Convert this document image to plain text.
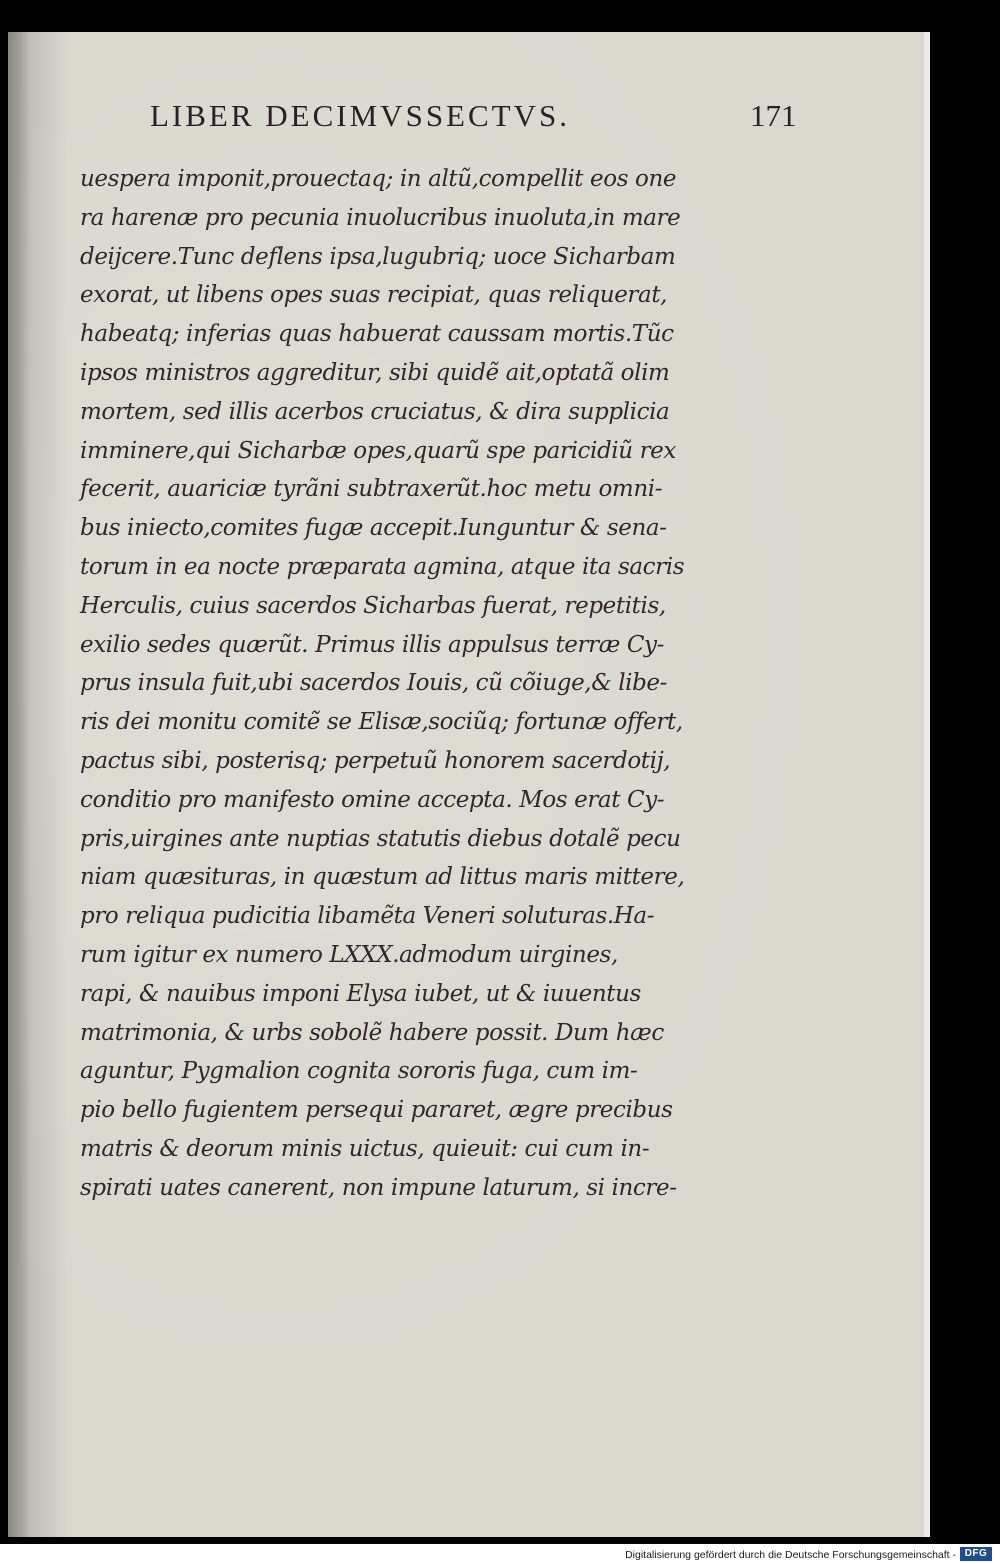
LIBER DECIMVSSECTVS.	171
uespera imponit,prouectaq; in altũ,compellit eos one
ra harenæ pro pecunia inuolucribus inuoluta,in mare
deijcere.Tunc deflens ipsa,lugubriq; uoce Sicharbam
exorat, ut libens opes suas recipiat, quas reliquerat,
habeatq; inferias quas habuerat caussam mortis.Tũc
ipsos ministros aggreditur, sibi quidẽ ait,optatã olim
mortem, sed illis acerbos cruciatus, & dira supplicia
imminere,qui Sicharbæ opes,quarũ spe paricidiũ rex
fecerit, auariciæ tyrãni subtraxerũt.hoc metu omni-
bus iniecto,comites fugæ accepit.Iunguntur & sena-
torum in ea nocte præparata agmina, atque ita sacris
Herculis, cuius sacerdos Sicharbas fuerat, repetitis,
exilio sedes quærũt. Primus illis appulsus terræ Cy-
prus insula fuit,ubi sacerdos Iouis, cũ cõiuge,& libe-
ris dei monitu comitẽ se Elisæ,sociũq; fortunæ offert,
pactus sibi, posterisq; perpetuũ honorem sacerdotij,
conditio pro manifesto omine accepta. Mos erat Cy-
pris,uirgines ante nuptias statutis diebus dotalẽ pecu
niam quæsituras, in quæstum ad littus maris mittere,
pro reliqua pudicitia libamẽta Veneri soluturas.Ha-
rum igitur ex numero LXXX.admodum uirgines,
rapi, & nauibus imponi Elysa iubet, ut & iuuentus
matrimonia, & urbs sobolẽ habere possit. Dum hæc
aguntur, Pygmalion cognita sororis fuga, cum im-
pio bello fugientem persequi pararet, ægre precibus
matris & deorum minis uictus, quieuit: cui cum in-
spirati uates canerent, non impune laturum, si incre-
Digitalisierung gefördert durch die Deutsche Forschungsgemeinschaft - DFG
